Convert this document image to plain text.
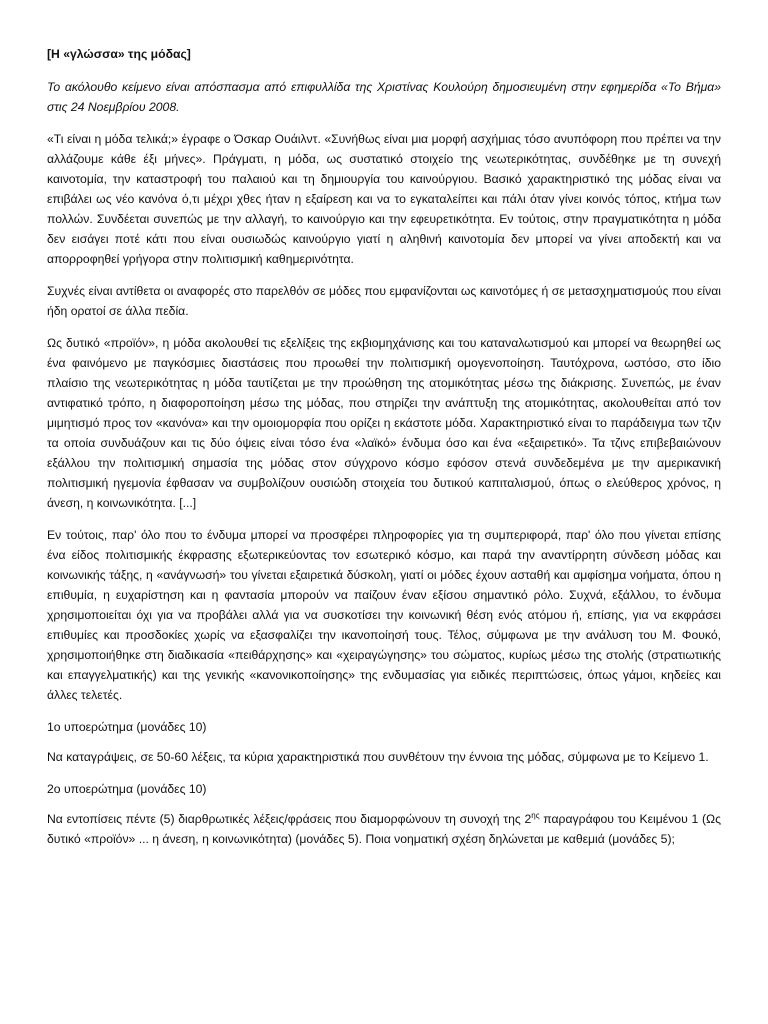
[Η «γλώσσα» της μόδας]

Το ακόλουθο κείμενο είναι απόσπασμα από επιφυλλίδα της Χριστίνας Κουλούρη δημοσιευμένη στην εφημερίδα «Το Βήμα» στις 24 Νοεμβρίου 2008.

«Τι είναι η μόδα τελικά;» έγραφε ο Όσκαρ Ουάιλντ. «Συνήθως είναι μια μορφή ασχήμιας τόσο ανυπόφορη που πρέπει να την αλλάζουμε κάθε έξι μήνες». Πράγματι, η μόδα, ως συστατικό στοιχείο της νεωτερικότητας, συνδέθηκε με τη συνεχή καινοτομία, την καταστροφή του παλαιού και τη δημιουργία του καινούργιου. Βασικό χαρακτηριστικό της μόδας είναι να επιβάλει ως νέο κανόνα ό,τι μέχρι χθες ήταν η εξαίρεση και να το εγκαταλείπει και πάλι όταν γίνει κοινός τόπος, κτήμα των πολλών. Συνδέεται συνεπώς με την αλλαγή, το καινούργιο και την εφευρετικότητα. Εν τούτοις, στην πραγματικότητα η μόδα δεν εισάγει ποτέ κάτι που είναι ουσιωδώς καινούργιο γιατί η αληθινή καινοτομία δεν μπορεί να γίνει αποδεκτή και να απορροφηθεί γρήγορα στην πολιτισμική καθημερινότητα.

Συχνές είναι αντίθετα οι αναφορές στο παρελθόν σε μόδες που εμφανίζονται ως καινοτόμες ή σε μετασχηματισμούς που είναι ήδη ορατοί σε άλλα πεδία.

Ως δυτικό «προϊόν», η μόδα ακολουθεί τις εξελίξεις της εκβιομηχάνισης και του καταναλωτισμού και μπορεί να θεωρηθεί ως ένα φαινόμενο με παγκόσμιες διαστάσεις που προωθεί την πολιτισμική ομογενοποίηση. Ταυτόχρονα, ωστόσο, στο ίδιο πλαίσιο της νεωτερικότητας η μόδα ταυτίζεται με την προώθηση της ατομικότητας μέσω της διάκρισης. Συνεπώς, με έναν αντιφατικό τρόπο, η διαφοροποίηση μέσω της μόδας, που στηρίζει την ανάπτυξη της ατομικότητας, ακολουθείται από τον μιμητισμό προς τον «κανόνα» και την ομοιομορφία που ορίζει η εκάστοτε μόδα. Χαρακτηριστικό είναι το παράδειγμα των τζιν τα οποία συνδυάζουν και τις δύο όψεις είναι τόσο ένα «λαϊκό» ένδυμα όσο και ένα «εξαιρετικό». Τα τζινς επιβεβαιώνουν εξάλλου την πολιτισμική σημασία της μόδας στον σύγχρονο κόσμο εφόσον στενά συνδεδεμένα με την αμερικανική πολιτισμική ηγεμονία έφθασαν να συμβολίζουν ουσιώδη στοιχεία του δυτικού καπιταλισμού, όπως ο ελεύθερος χρόνος, η άνεση, η κοινωνικότητα. [...]

Εν τούτοις, παρ' όλο που το ένδυμα μπορεί να προσφέρει πληροφορίες για τη συμπεριφορά, παρ' όλο που γίνεται επίσης ένα είδος πολιτισμικής έκφρασης εξωτερικεύοντας τον εσωτερικό κόσμο, και παρά την αναντίρρητη σύνδεση μόδας και κοινωνικής τάξης, η «ανάγνωσή» του γίνεται εξαιρετικά δύσκολη, γιατί οι μόδες έχουν ασταθή και αμφίσημα νοήματα, όπου η επιθυμία, η ευχαρίστηση και η φαντασία μπορούν να παίζουν έναν εξίσου σημαντικό ρόλο. Συχνά, εξάλλου, το ένδυμα χρησιμοποιείται όχι για να προβάλει αλλά για να συσκοτίσει την κοινωνική θέση ενός ατόμου ή, επίσης, για να εκφράσει επιθυμίες και προσδοκίες χωρίς να εξασφαλίζει την ικανοποίησή τους. Τέλος, σύμφωνα με την ανάλυση του Μ. Φουκό, χρησιμοποιήθηκε στη διαδικασία «πειθάρχησης» και «χειραγώγησης» του σώματος, κυρίως μέσω της στολής (στρατιωτικής και επαγγελματικής) και της γενικής «κανονικοποίησης» της ενδυμασίας για ειδικές περιπτώσεις, όπως γάμοι, κηδείες και άλλες τελετές.

1ο υποερώτημα (μονάδες 10)

Να καταγράψεις, σε 50-60 λέξεις, τα κύρια χαρακτηριστικά που συνθέτουν την έννοια της μόδας, σύμφωνα με το Κείμενο 1.

2ο υποερώτημα (μονάδες 10)

Να εντοπίσεις πέντε (5) διαρθρωτικές λέξεις/φράσεις που διαμορφώνουν τη συνοχή της $2^{\eta\varsigma}$ παραγράφου του Κειμένου 1 (Ως δυτικό «προϊόν» ... η άνεση, η κοινωνικότητα) (μονάδες 5). Ποια νοηματική σχέση δηλώνεται με καθεμιά (μονάδες 5);
